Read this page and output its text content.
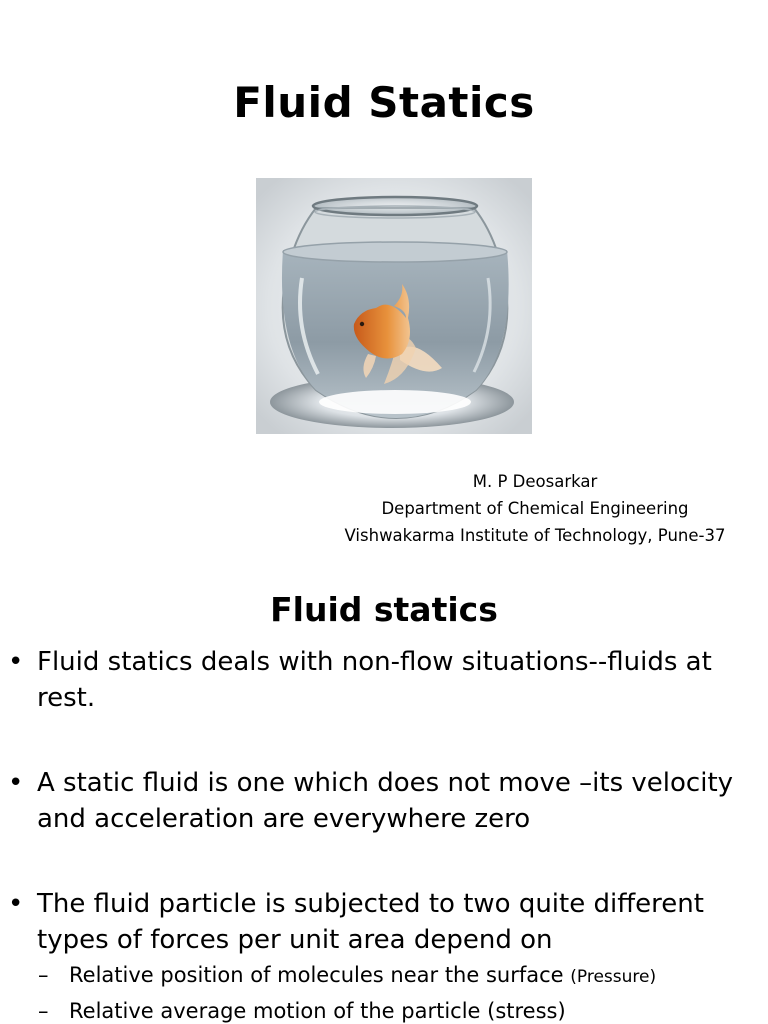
Fluid Statics
M. P Deosarkar
Department of Chemical Engineering
Vishwakarma Institute of Technology, Pune-37
Fluid statics
• Fluid statics deals with non-flow situations--fluids at rest.
• A static fluid is one which does not move –its velocity and acceleration are everywhere zero
• The fluid particle is subjected to two quite different types of forces per unit area depend on
– Relative position of molecules near the surface (Pressure)
– Relative average motion of the particle (stress)
